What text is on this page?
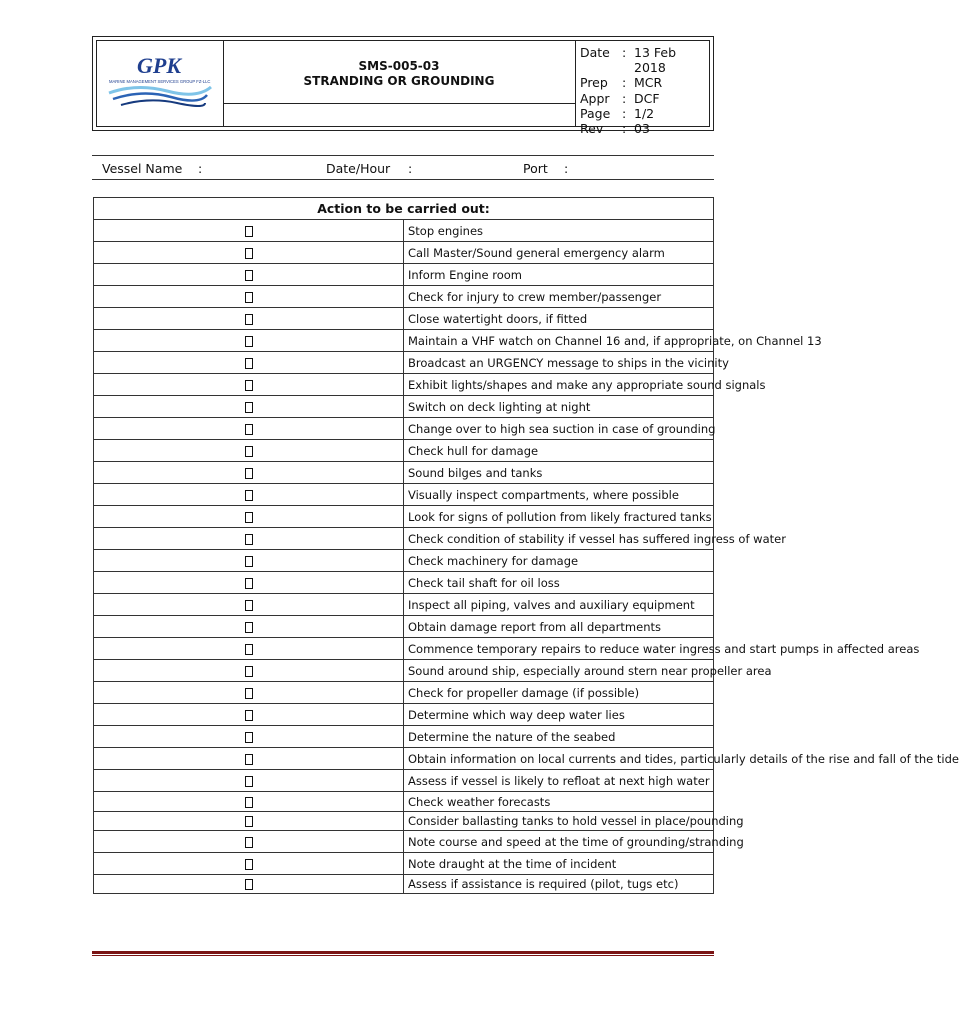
GPK
MARINE MANAGEMENT SERVICES GROUP FZ-LLC
SMS-005-03
STRANDING OR GROUNDING
Date : 13 Feb 2018
Prep	: MCR
Appr : DCF
Page : 1/2
Rev	: 03
Vessel Name :	Date/Hour :	Port :
Action to be carried out:	
	Stop engines
	Call Master/Sound general emergency alarm
	Inform Engine room
	Check for injury to crew member/passenger
	Close watertight doors, if fitted
	Maintain a VHF watch on Channel 16 and, if appropriate, on Channel 13
	Broadcast an URGENCY message to ships in the vicinity
	Exhibit lights/shapes and make any appropriate sound signals
	Switch on deck lighting at night
	Change over to high sea suction in case of grounding
	Check hull for damage
	Sound bilges and tanks
	Visually inspect compartments, where possible
	Look for signs of pollution from likely fractured tanks
	Check condition of stability if vessel has suffered ingress of water
	Check machinery for damage
	Check tail shaft for oil loss
	Inspect all piping, valves and auxiliary equipment
	Obtain damage report from all departments
	Commence temporary repairs to reduce water ingress and start pumps in affected areas
	Sound around ship, especially around stern near propeller area
	Check for propeller damage (if possible)
	Determine which way deep water lies
	Determine the nature of the seabed
	Obtain information on local currents and tides, particularly details of the rise and fall of the tide
	Assess if vessel is likely to refloat at next high water
	Check weather forecasts
	Consider ballasting tanks to hold vessel in place/pounding
	Note course and speed at the time of grounding/stranding
	Note draught at the time of incident
	Assess if assistance is required (pilot, tugs etc)
